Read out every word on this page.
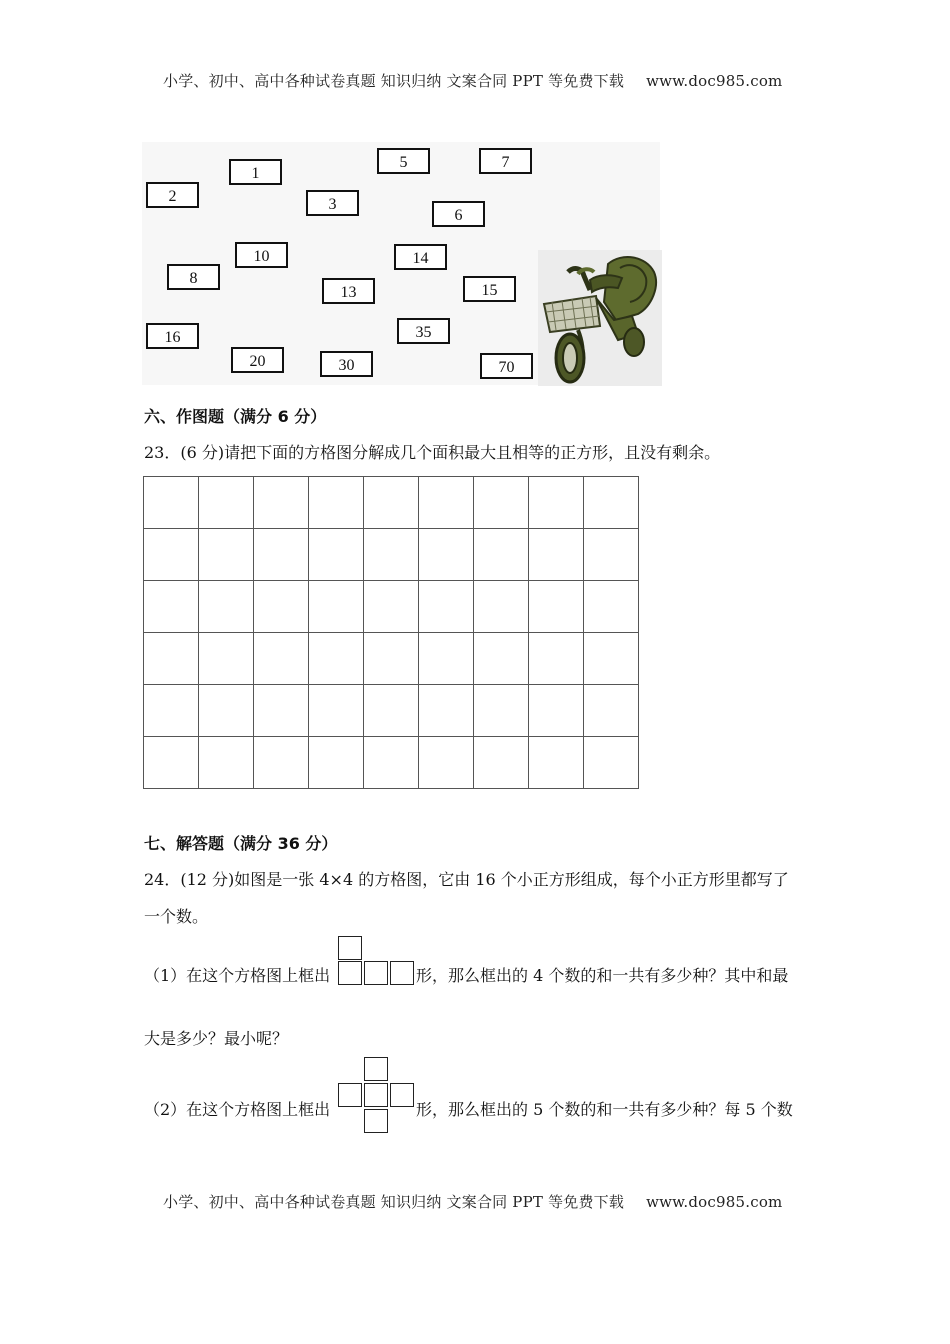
小学、初中、高中各种试卷真题 知识归纳 文案合同 PPT 等免费下载 www.doc985.com
1
2	3
5
6
7
8
10
13
14
15
16
20	30
35
70
六、作图题（满分 6 分）
23．(6 分)请把下面的方格图分解成几个面积最大且相等的正方形，且没有剩余。

七、解答题（满分 36 分）
24．(12 分)如图是一张 4×4 的方格图，它由 16 个小正方形组成，每个小正方形里都写了
一个数。
（1）在这个方格图上框出	形，那么框出的 4 个数的和一共有多少种？其中和最
大是多少？最小呢？
（2）在这个方格图上框出	形，那么框出的 5 个数的和一共有多少种？每 5 个数
小学、初中、高中各种试卷真题 知识归纳 文案合同 PPT 等免费下载 www.doc985.com
